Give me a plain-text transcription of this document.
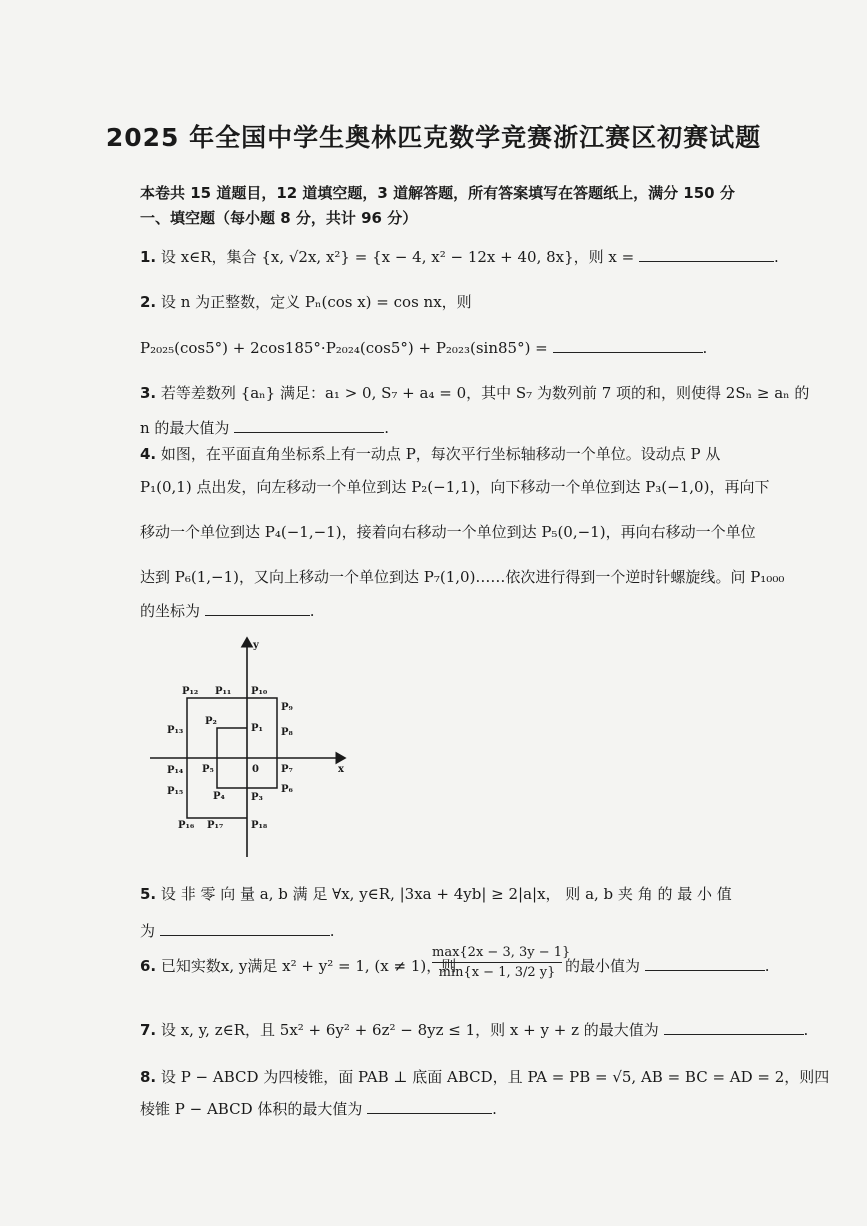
2025 年全国中学生奥林匹克数学竞赛浙江赛区初赛试题
本卷共 15 道题目，12 道填空题，3 道解答题，所有答案填写在答题纸上，满分 150 分
一、填空题（每小题 8 分，共计 96 分）
1. 设 x∈R，集合 {x, √2x, x²} = {x − 4, x² − 12x + 40, 8x}，则 x =	.
2. 设 n 为正整数，定义 Pₙ(cos x) = cos nx，则
P₂₀₂₅(cos5°) + 2cos185°·P₂₀₂₄(cos5°) + P₂₀₂₃(sin85°) =	.
3. 若等差数列 {aₙ} 满足：a₁ > 0, S₇ + a₄ = 0，其中 S₇ 为数列前 7 项的和，则使得 2Sₙ ≥ aₙ 的
n 的最大值为	.
4. 如图，在平面直角坐标系上有一动点 P，每次平行坐标轴移动一个单位。设动点 P 从
P₁(0,1) 点出发，向左移动一个单位到达 P₂(−1,1)，向下移动一个单位到达 P₃(−1,0)，再向下
移动一个单位到达 P₄(−1,−1)，接着向右移动一个单位到达 P₅(0,−1)，再向右移动一个单位
达到 P₆(1,−1)，又向上移动一个单位到达 P₇(1,0)……依次进行得到一个逆时针螺旋线。问 P₁₀₀₀
的坐标为	.
y
x
0
P₁
P₂
P₃
P₄
P₅
P₆
P₇
P₈
P₉
P₁₀
P₁₁
P₁₂
P₁₃
P₁₄
P₁₅
P₁₆ P₁₇	P₁₈
5. 设 非 零 向 量 a, b 满 足 ∀x, y∈R, |3xa + 4yb| ≥ 2|a|x， 则 a, b 夹 角 的 最 小 值
为	.
6. 已知实数x, y满足 x² + y² = 1, (x ≠ 1)，则
max{2x − 3, 3y − 1}
min{x − 1, 3/2 y} 的最小值为	.
7. 设 x, y, z∈R，且 5x² + 6y² + 6z² − 8yz ≤ 1，则 x + y + z 的最大值为	.
8. 设 P − ABCD 为四棱锥，面 PAB ⊥ 底面 ABCD，且 PA = PB = √5, AB = BC = AD = 2，则四
棱锥 P − ABCD 体积的最大值为	.
